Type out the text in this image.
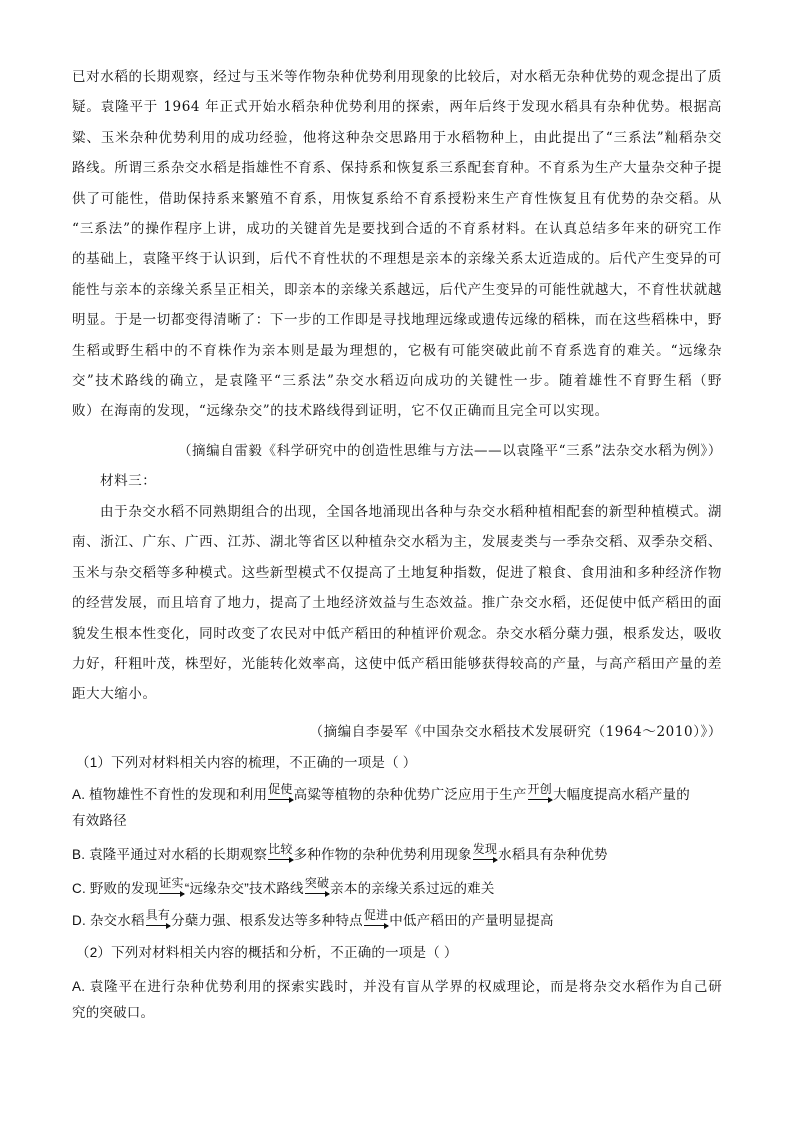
已对水稻的长期观察，经过与玉米等作物杂种优势利用现象的比较后，对水稻无杂种优势的观念提出了质
疑。袁隆平于 1964 年正式开始水稻杂种优势利用的探索，两年后终于发现水稻具有杂种优势。根据高
粱、玉米杂种优势利用的成功经验，他将这种杂交思路用于水稻物种上，由此提出了“三系法”籼稻杂交
路线。所谓三系杂交水稻是指雄性不育系、保持系和恢复系三系配套育种。不育系为生产大量杂交种子提
供了可能性，借助保持系来繁殖不育系，用恢复系给不育系授粉来生产育性恢复且有优势的杂交稻。从
“三系法”的操作程序上讲，成功的关键首先是要找到合适的不育系材料。在认真总结多年来的研究工作
的基础上，袁隆平终于认识到，后代不育性状的不理想是亲本的亲缘关系太近造成的。后代产生变异的可
能性与亲本的亲缘关系呈正相关，即亲本的亲缘关系越远，后代产生变异的可能性就越大，不育性状就越
明显。于是一切都变得清晰了：下一步的工作即是寻找地理远缘或遗传远缘的稻株，而在这些稻株中，野
生稻或野生稻中的不育株作为亲本则是最为理想的，它极有可能突破此前不育系选育的难关。“远缘杂
交”技术路线的确立，是袁隆平“三系法”杂交水稻迈向成功的关键性一步。随着雄性不育野生稻（野
败）在海南的发现，“远缘杂交”的技术路线得到证明，它不仅正确而且完全可以实现。
（摘编自雷毅《科学研究中的创造性思维与方法——以袁隆平“三系”法杂交水稻为例》）
材料三：
由于杂交水稻不同熟期组合的出现，全国各地涌现出各种与杂交水稻种植相配套的新型种植模式。湖
南、浙江、广东、广西、江苏、湖北等省区以种植杂交水稻为主，发展麦类与一季杂交稻、双季杂交稻、
玉米与杂交稻等多种模式。这些新型模式不仅提高了土地复种指数，促进了粮食、食用油和多种经济作物
的经营发展，而且培育了地力，提高了土地经济效益与生态效益。推广杂交水稻，还促使中低产稻田的面
貌发生根本性变化，同时改变了农民对中低产稻田的种植评价观念。杂交水稻分蘖力强，根系发达，吸收
力好，秆粗叶茂，株型好，光能转化效率高，这使中低产稻田能够获得较高的产量，与高产稻田产量的差
距大大缩小。
（摘编自李晏军《中国杂交水稻技术发展研究（1964～2010）》）
（1）下列对材料相关内容的梳理，不正确的一项是（ ）
A. 植物雄性不育性的发现和利用促使高粱等植物的杂种优势广泛应用于生产开创大幅度提高水稻产量的
有效路径
B. 袁隆平通过对水稻的长期观察比较多种作物的杂种优势利用现象发现水稻具有杂种优势
C. 野败的发现证实“远缘杂交”技术路线突破亲本的亲缘关系过远的难关
D. 杂交水稻具有分蘖力强、根系发达等多种特点促进中低产稻田的产量明显提高
（2）下列对材料相关内容的概括和分析，不正确的一项是（ ）
A. 袁隆平在进行杂种优势利用的探索实践时，并没有盲从学界的权威理论，而是将杂交水稻作为自己研
究的突破口。
